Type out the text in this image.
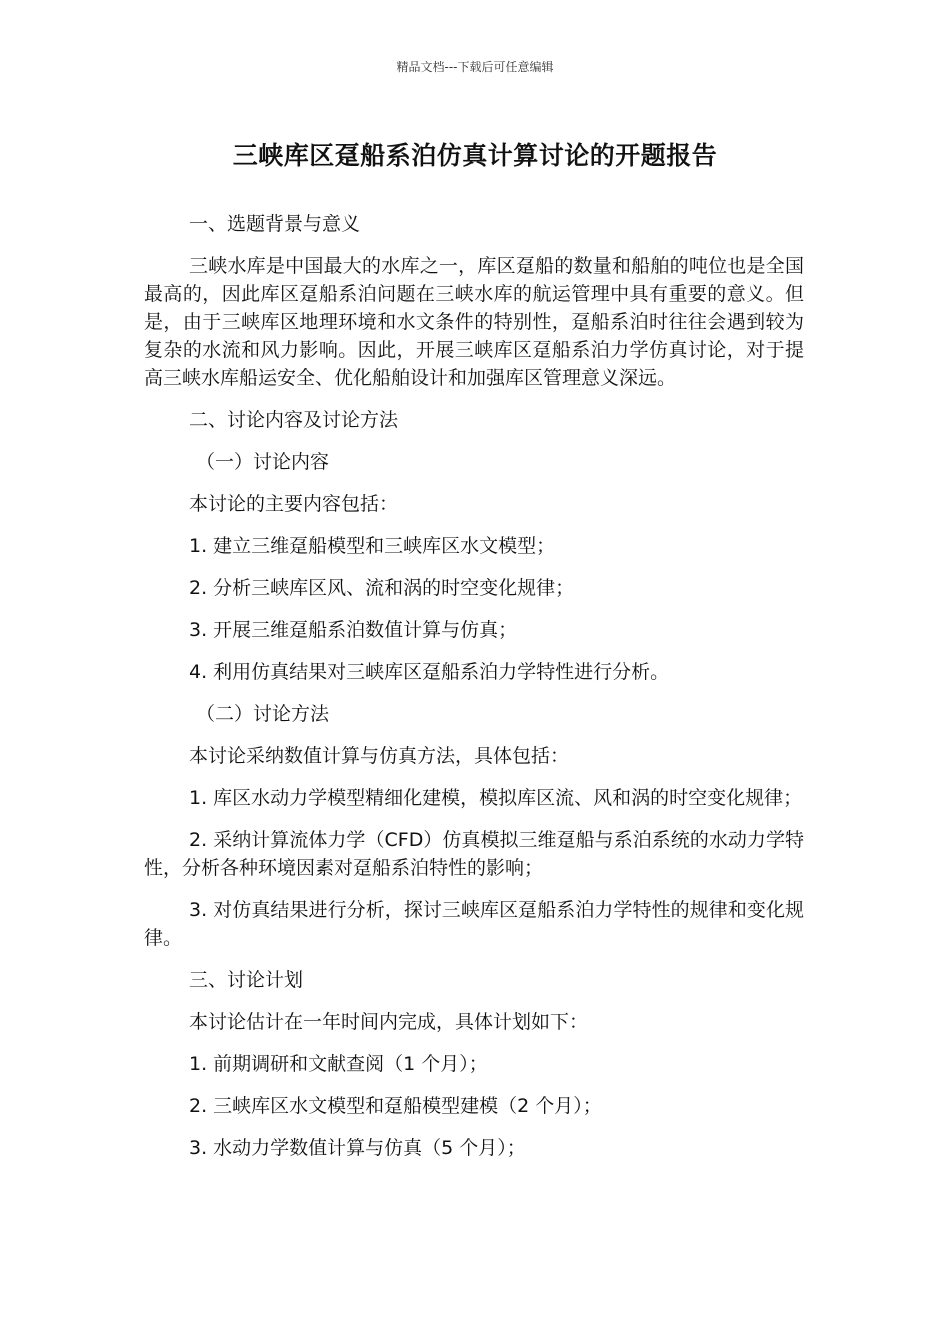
精品文档---下载后可任意编辑
三峡库区趸船系泊仿真计算讨论的开题报告

一、选题背景与意义

三峡水库是中国最大的水库之一，库区趸船的数量和船舶的吨位也是全国最高的，因此库区趸船系泊问题在三峡水库的航运管理中具有重要的意义。但是，由于三峡库区地理环境和水文条件的特别性，趸船系泊时往往会遇到较为复杂的水流和风力影响。因此，开展三峡库区趸船系泊力学仿真讨论，对于提高三峡水库船运安全、优化船舶设计和加强库区管理意义深远。

二、讨论内容及讨论方法

（一）讨论内容

本讨论的主要内容包括：

1. 建立三维趸船模型和三峡库区水文模型；

2. 分析三峡库区风、流和涡的时空变化规律；

3. 开展三维趸船系泊数值计算与仿真；

4. 利用仿真结果对三峡库区趸船系泊力学特性进行分析。

（二）讨论方法

本讨论采纳数值计算与仿真方法，具体包括：

1. 库区水动力学模型精细化建模，模拟库区流、风和涡的时空变化规律；

2. 采纳计算流体力学（CFD）仿真模拟三维趸船与系泊系统的水动力学特性，分析各种环境因素对趸船系泊特性的影响；

3. 对仿真结果进行分析，探讨三峡库区趸船系泊力学特性的规律和变化规律。

三、讨论计划

本讨论估计在一年时间内完成，具体计划如下：

1. 前期调研和文献查阅（1 个月）；

2. 三峡库区水文模型和趸船模型建模（2 个月）；

3. 水动力学数值计算与仿真（5 个月）；
